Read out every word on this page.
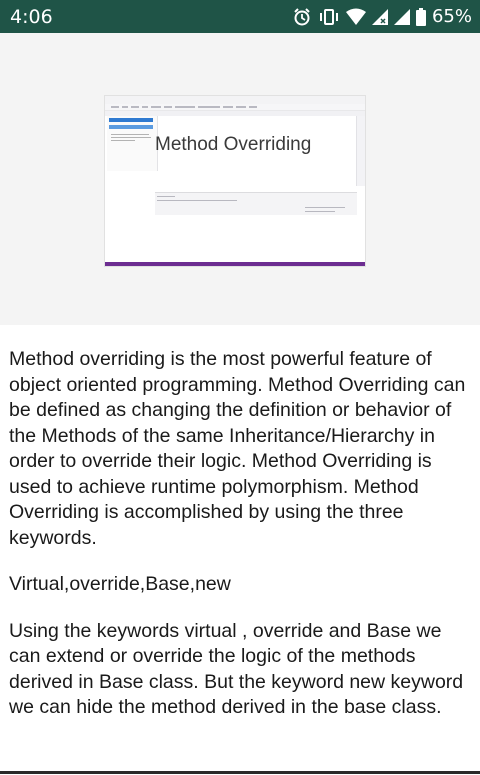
4:06	65%
Method Overriding

Method overriding is the most powerful feature of object oriented programming. Method Overriding can be defined as changing the definition or behavior of the Methods of the same Inheritance/Hierarchy in order to override their logic. Method Overriding is used to achieve runtime polymorphism. Method Overriding is accomplished by using the three keywords.

Virtual,override,Base,new

Using the keywords virtual , override and Base we can extend or override the logic of the methods derived in Base class. But the keyword new keyword we can hide the method derived in the base class.
